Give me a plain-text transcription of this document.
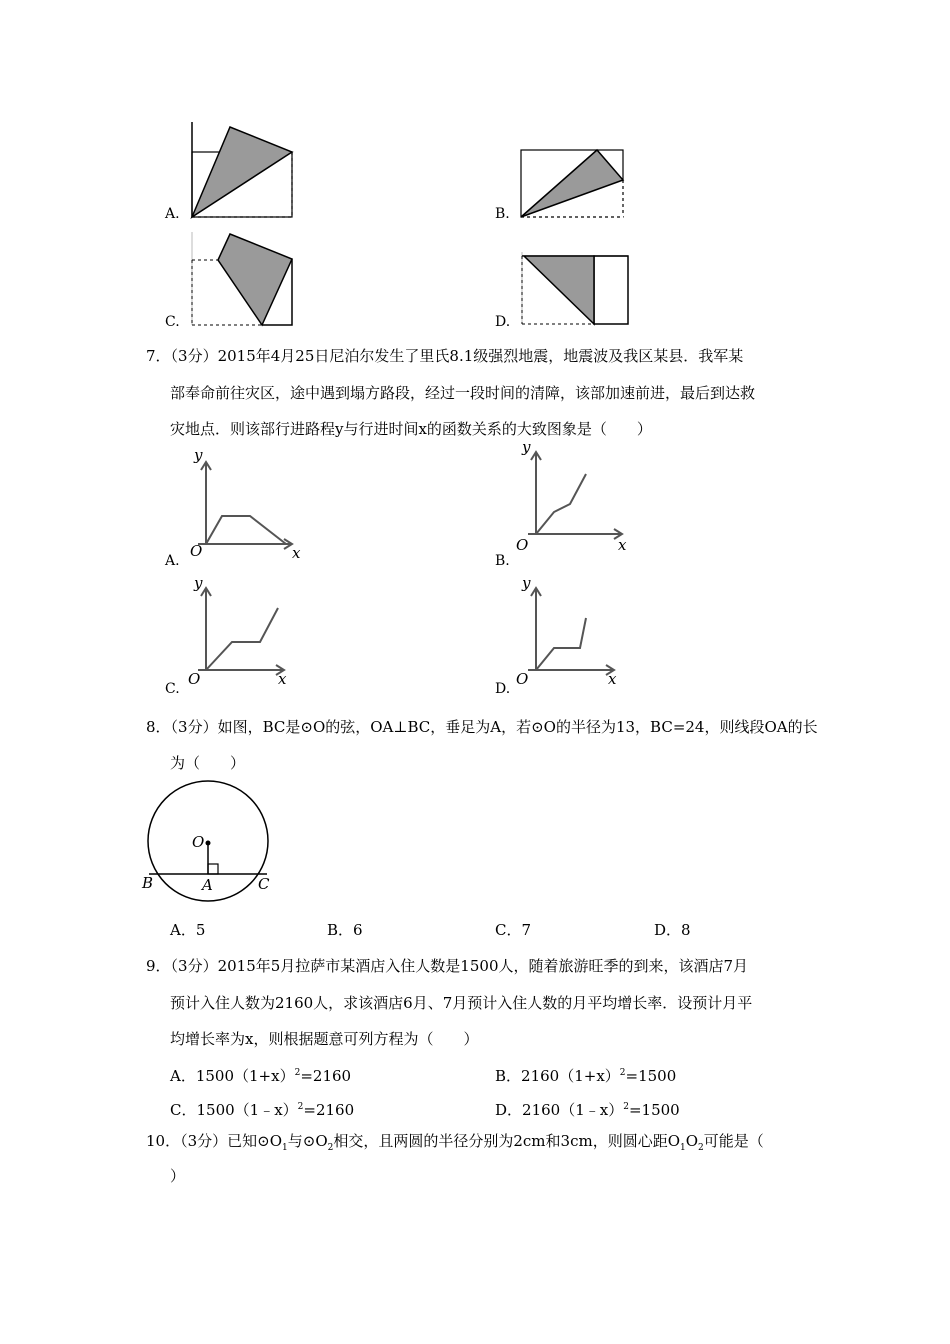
A.	B.
C.	D.
7．（3分）2015年4月25日尼泊尔发生了里氏8.1级强烈地震，地震波及我区某县．我军某
部奉命前往灾区，途中遇到塌方路段，经过一段时间的清障，该部加速前进，最后到达救
灾地点．则该部行进路程y与行进时间x的函数关系的大致图象是（　　）
y
x
O
A.
y
x
O
B.
y
x
O
C.
y
x
O
D.
8．（3分）如图，BC是⊙O的弦，OA⊥BC，垂足为A，若⊙O的半径为13，BC=24，则线段OA的长
为（　　）
O
A
B	C
A．5	B．6	C．7	D．8
9．（3分）2015年5月拉萨市某酒店入住人数是1500人，随着旅游旺季的到来，该酒店7月
预计入住人数为2160人，求该酒店6月、7月预计入住人数的月平均增长率．设预计月平
均增长率为x，则根据题意可列方程为（　　）
A．$1500(1+x)^2=2160$	B．$2160(1+x)^2=1500$
C．1500（1﹣x）$^2$=2160	D．2160（1﹣x）$^2$=1500
10．（3分）已知$⊙O_1$与$⊙O_2$相交，且两圆的半径分别为2cm和3cm，则圆心距$O_1O_2$可能是（
）
